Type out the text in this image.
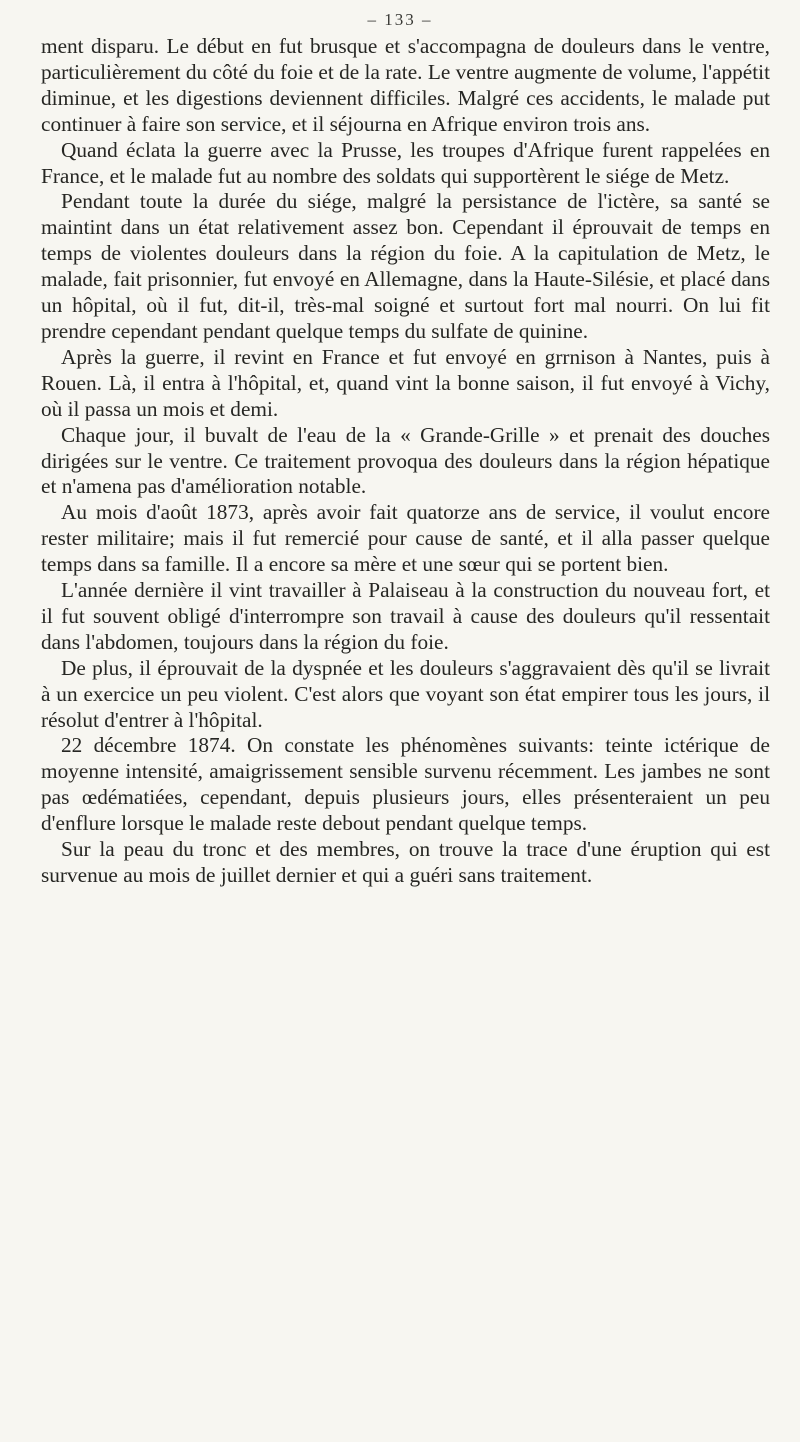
– 133 –

ment disparu. Le début en fut brusque et s'accompagna de douleurs dans le ventre, particulièrement du côté du foie et de la rate. Le ventre augmente de volume, l'appétit diminue, et les digestions deviennent difficiles. Malgré ces accidents, le malade put continuer à faire son service, et il séjourna en Afrique environ trois ans.

Quand éclata la guerre avec la Prusse, les troupes d'Afrique furent rappelées en France, et le malade fut au nombre des soldats qui supportèrent le siége de Metz.

Pendant toute la durée du siége, malgré la persistance de l'ictère, sa santé se maintint dans un état relativement assez bon. Cependant il éprouvait de temps en temps de violentes douleurs dans la région du foie. A la capitulation de Metz, le malade, fait prisonnier, fut envoyé en Allemagne, dans la Haute-Silésie, et placé dans un hôpital, où il fut, dit-il, très-mal soigné et surtout fort mal nourri. On lui fit prendre cependant pendant quelque temps du sulfate de quinine.

Après la guerre, il revint en France et fut envoyé en grrnison à Nantes, puis à Rouen. Là, il entra à l'hôpital, et, quand vint la bonne saison, il fut envoyé à Vichy, où il passa un mois et demi.

Chaque jour, il buvalt de l'eau de la « Grande-Grille » et prenait des douches dirigées sur le ventre. Ce traitement provoqua des douleurs dans la région hépatique et n'amena pas d'amélioration notable.

Au mois d'août 1873, après avoir fait quatorze ans de service, il voulut encore rester militaire; mais il fut remercié pour cause de santé, et il alla passer quelque temps dans sa famille. Il a encore sa mère et une sœur qui se portent bien.

L'année dernière il vint travailler à Palaiseau à la construction du nouveau fort, et il fut souvent obligé d'interrompre son travail à cause des douleurs qu'il ressentait dans l'abdomen, toujours dans la région du foie.

De plus, il éprouvait de la dyspnée et les douleurs s'aggravaient dès qu'il se livrait à un exercice un peu violent. C'est alors que voyant son état empirer tous les jours, il résolut d'entrer à l'hôpital.

22 décembre 1874. On constate les phénomènes suivants: teinte ictérique de moyenne intensité, amaigrissement sensible survenu récemment. Les jambes ne sont pas œdématiées, cependant, depuis plusieurs jours, elles présenteraient un peu d'enflure lorsque le malade reste debout pendant quelque temps.

Sur la peau du tronc et des membres, on trouve la trace d'une éruption qui est survenue au mois de juillet dernier et qui a guéri sans traitement.
